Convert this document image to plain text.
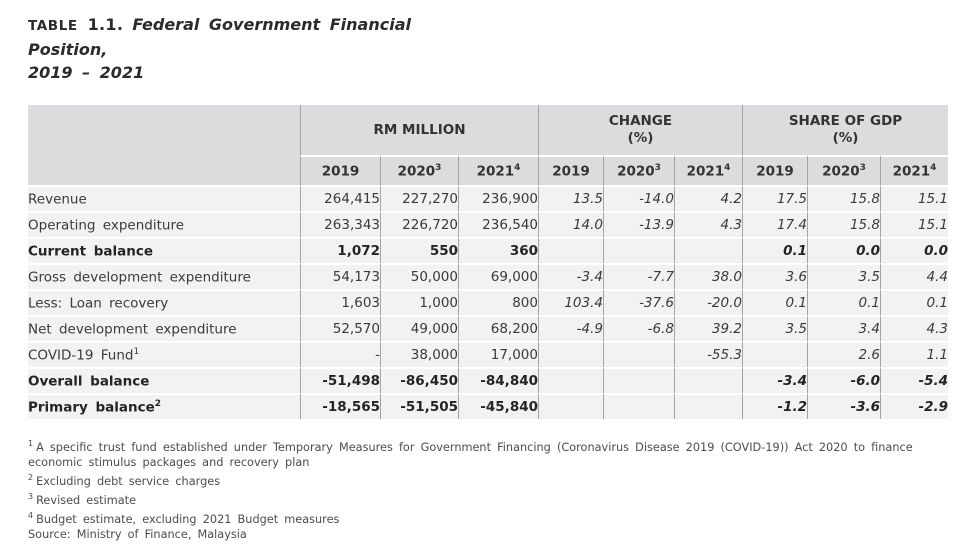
TABLE 1.1. Federal Government Financial Position,
2019 – 2021

RM MILLION

CHANGE
(%)

SHARE OF GDP
(%)

	2019	2020$^3$	2021$^4$	2019	2020$^3$	2021$^4$	2019	2020$^3$	2021$^4$
Revenue	264,415	227,270	236,900	13.5	-14.0	4.2	17.5	15.8	15.1
Operating expenditure	263,343	226,720	236,540	14.0	-13.9	4.3	17.4	15.8	15.1
Current balance	1,072	550	360				0.1	0.0	0.0
Gross development expenditure	54,173	50,000	69,000	-3.4	-7.7	38.0	3.6	3.5	4.4
Less: Loan recovery	1,603	1,000	800	103.4	-37.6	-20.0	0.1	0.1	0.1
Net development expenditure	52,570	49,000	68,200	-4.9	-6.8	39.2	3.5	3.4	4.3
COVID-19 Fund$^1$	-	38,000	17,000			-55.3		2.6	1.1
Overall balance	-51,498	-86,450	-84,840				-3.4	-6.0	-5.4
Primary balance$^2$	-18,565	-51,505	-45,840				-1.2	-3.6	-2.9
$^1$ A specific trust fund established under Temporary Measures for Government Financing (Coronavirus Disease 2019 (COVID-19)) Act 2020 to finance economic stimulus packages and recovery plan
$^2$ Excluding debt service charges
$^3$ Revised estimate
$^4$ Budget estimate, excluding 2021 Budget measures
Source: Ministry of Finance, Malaysia
